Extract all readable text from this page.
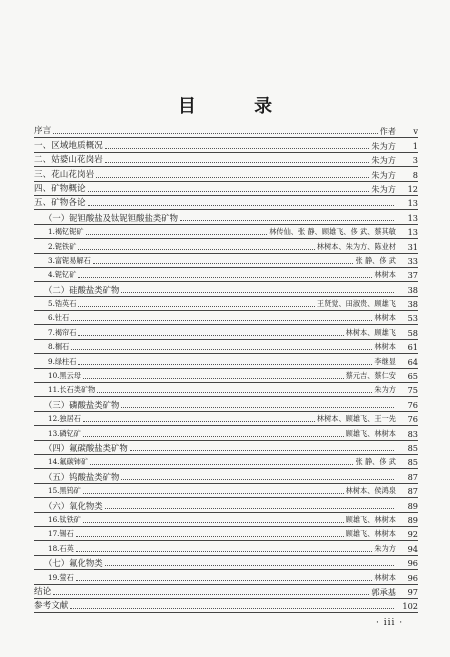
目 录
序言	作者	v
一、区域地质概况	朱为方	1
二、姑婆山花岗岩	朱为方	3
三、花山花岗岩	朱为方	8
四、矿物概论	朱为方	12
五、矿物各论	13
（一）铌钽酸盐及钛铌钽酸盐类矿物	13
1.褐钇铌矿	林传仙、张 静、顾雄飞、侈 武、蔡其敏	13
2.铌铁矿	林树本、朱为方、陈业材	31
3.富铌易解石	张 静、侈 武	33
4.铌钇矿	林树本	37
（二）硅酸盐类矿物	38
5.锆英石	王贤觉、田淑贵、顾雄飞	38
6.钍石	林树本	53
7.褐帘石	林树本、顾雄飞	58
8.榍石	林树本	61
9.绿柱石	李继显	64
10.黑云母	蔡元吉、蔡仁安	65
11.长石类矿物	朱为方	75
（三）磷酸盐类矿物	76
12.独居石	林树本、顾雄飞、王一先	76
13.磷钇矿	顾雄飞、林树本	83
（四）氟碳酸盐类矿物	85
14.氟碳铈矿	张 静、侈 武	85
（五）钨酸盐类矿物	87
15.黑钨矿	林树本、侯鸿泉	87
（六）氧化物类	89
16.钛铁矿	顾雄飞、林树本	89
17.锡石	顾雄飞、林树本	92
18.石英	朱为方	94
（七）氟化物类	96
19.萤石	林树本	96
结论	郭承基	97
参考文献	102
· iii ·
